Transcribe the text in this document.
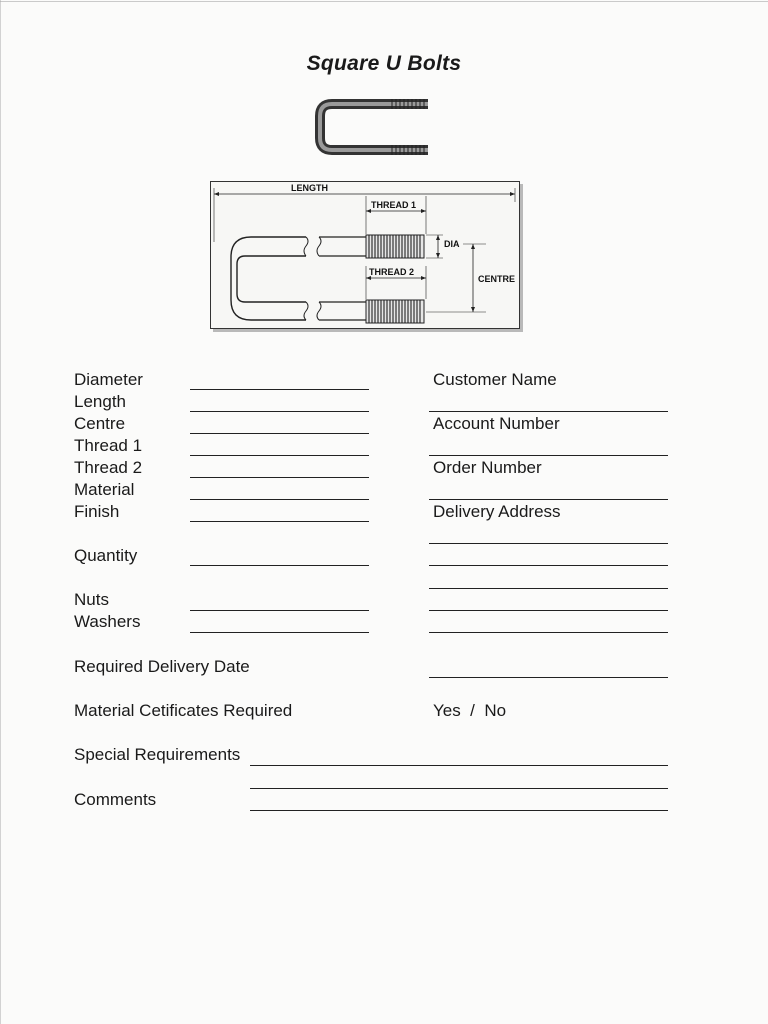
Square U Bolts
LENGTH
THREAD 1
THREAD 2
DIA
CENTRE
Diameter
Length
Centre
Thread 1
Thread 2
Material
Finish
Quantity
Nuts
Washers
Customer Name
Account Number
Order Number
Delivery Address
Required Delivery Date
Material Cetificates Required	Yes  /  No
Special Requirements
Comments
